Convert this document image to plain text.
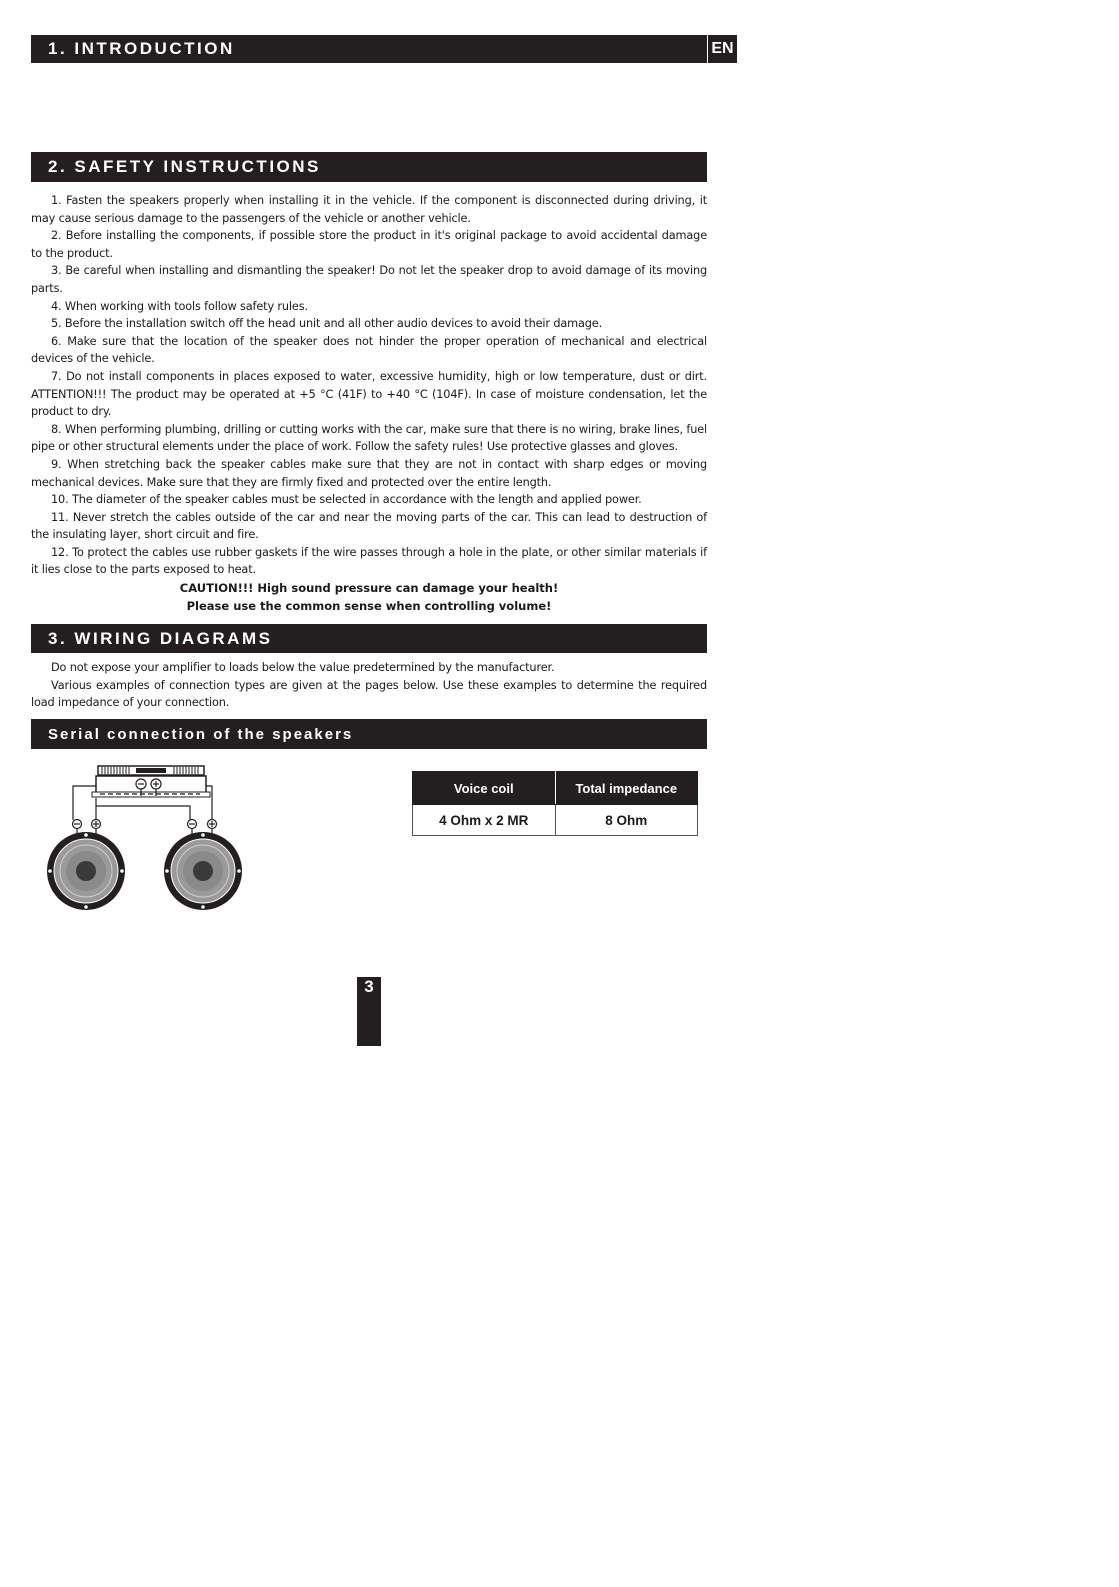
1. INTRODUCTION	EN
2. SAFETY INSTRUCTIONS

1. Fasten the speakers properly when installing it in the vehicle. If the component is disconnected during driving, it may cause serious damage to the passengers of the vehicle or another vehicle.

2. Before installing the components, if possible store the product in it's original package to avoid accidental damage to the product.

3. Be careful when installing and dismantling the speaker! Do not let the speaker drop to avoid damage of its moving parts.

4. When working with tools follow safety rules.

5. Before the installation switch off the head unit and all other audio devices to avoid their damage.

6. Make sure that the location of the speaker does not hinder the proper operation of mechanical and electrical devices of the vehicle.

7. Do not install components in places exposed to water, excessive humidity, high or low temperature, dust or dirt. ATTENTION!!! The product may be operated at +5 °C (41F) to +40 °C (104F). In case of moisture condensation, let the product to dry.

8. When performing plumbing, drilling or cutting works with the car, make sure that there is no wiring, brake lines, fuel pipe or other structural elements under the place of work. Follow the safety rules! Use protective glasses and gloves.

9. When stretching back the speaker cables make sure that they are not in contact with sharp edges or moving mechanical devices. Make sure that they are firmly fixed and protected over the entire length.

10. The diameter of the speaker cables must be selected in accordance with the length and applied power.

11. Never stretch the cables outside of the car and near the moving parts of the car. This can lead to destruction of the insulating layer, short circuit and fire.

12. To protect the cables use rubber gaskets if the wire passes through a hole in the plate, or other similar materials if it lies close to the parts exposed to heat.

CAUTION!!! High sound pressure can damage your health!
Please use the common sense when controlling volume!
3. WIRING DIAGRAMS

Do not expose your amplifier to loads below the value predetermined by the manufacturer.

Various examples of connection types are given at the pages below. Use these examples to determine the required load impedance of your connection.

Serial connection of the speakers
Voice coil	Total impedance
4 Ohm x 2 MR	8 Ohm
3
